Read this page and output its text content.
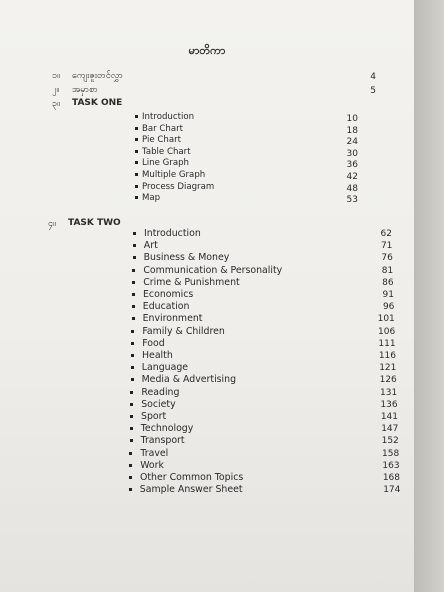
မာတိကာ
၁။ ကျေးဇူးတင်လွှာ	4
၂။ အမှာစာ	5
၃။ TASK ONE
Introduction	10
Bar Chart	18
Pie Chart	24
Table Chart	30
Line Graph	36
Multiple Graph	42
Process Diagram	48
Map	53
၄။ TASK TWO
Introduction	62
Art	71
Business & Money	76
Communication & Personality	81
Crime & Punishment	86
Economics	91
Education	96
Environment	101
Family & Children	106
Food	111
Health	116
Language	121
Media & Advertising	126
Reading	131
Society	136
Sport	141
Technology	147
Transport	152
Travel	158
Work	163
Other Common Topics	168
Sample Answer Sheet	174
